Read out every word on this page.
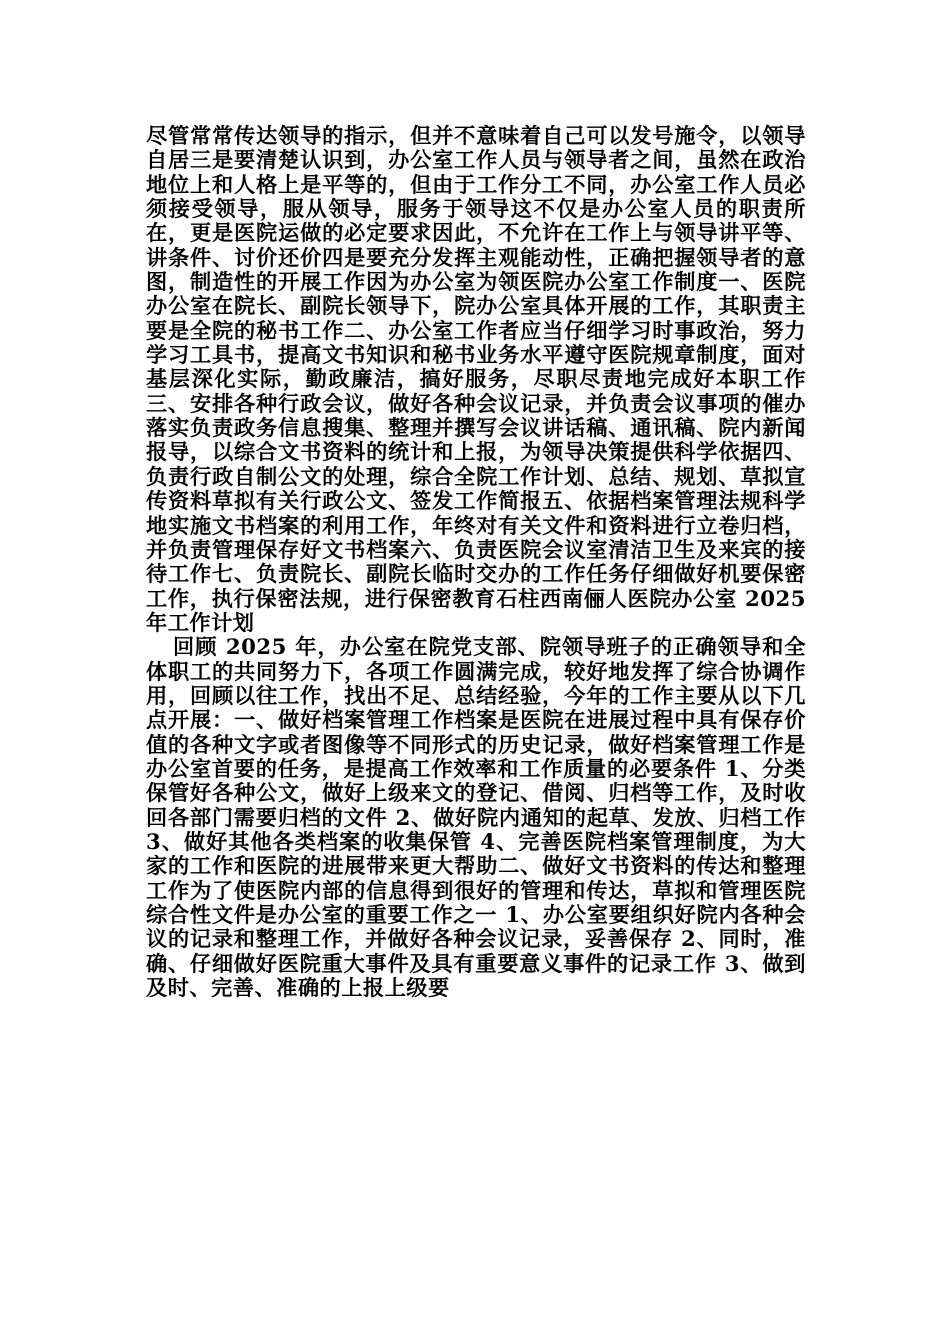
尽管常常传达领导的指示，但并不意味着自己可以发号施令，以领导自居三是要清楚认识到，办公室工作人员与领导者之间，虽然在政治地位上和人格上是平等的，但由于工作分工不同，办公室工作人员必须接受领导，服从领导，服务于领导这不仅是办公室人员的职责所在，更是医院运做的必定要求因此，不允许在工作上与领导讲平等、讲条件、讨价还价四是要充分发挥主观能动性，正确把握领导者的意图，制造性的开展工作因为办公室为领医院办公室工作制度一、医院办公室在院长、副院长领导下，院办公室具体开展的工作，其职责主要是全院的秘书工作二、办公室工作者应当仔细学习时事政治，努力学习工具书，提高文书知识和秘书业务水平遵守医院规章制度，面对基层深化实际，勤政廉洁，搞好服务，尽职尽责地完成好本职工作三、安排各种行政会议，做好各种会议记录，并负责会议事项的催办落实负责政务信息搜集、整理并撰写会议讲话稿、通讯稿、院内新闻报导，以综合文书资料的统计和上报，为领导决策提供科学依据四、负责行政自制公文的处理，综合全院工作计划、总结、规划、草拟宣传资料草拟有关行政公文、签发工作简报五、依据档案管理法规科学地实施文书档案的利用工作，年终对有关文件和资料进行立卷归档，并负责管理保存好文书档案六、负责医院会议室清洁卫生及来宾的接待工作七、负责院长、副院长临时交办的工作任务仔细做好机要保密工作，执行保密法规，进行保密教育石柱西南俪人医院办公室 2025 年工作计划

回顾 2025 年，办公室在院党支部、院领导班子的正确领导和全体职工的共同努力下，各项工作圆满完成，较好地发挥了综合协调作用，回顾以往工作，找出不足、总结经验，今年的工作主要从以下几点开展：一、做好档案管理工作档案是医院在进展过程中具有保存价值的各种文字或者图像等不同形式的历史记录，做好档案管理工作是办公室首要的任务，是提高工作效率和工作质量的必要条件 1、分类保管好各种公文，做好上级来文的登记、借阅、归档等工作，及时收回各部门需要归档的文件 2、做好院内通知的起草、发放、归档工作 3、做好其他各类档案的收集保管 4、完善医院档案管理制度，为大家的工作和医院的进展带来更大帮助二、做好文书资料的传达和整理工作为了使医院内部的信息得到很好的管理和传达，草拟和管理医院综合性文件是办公室的重要工作之一 1、办公室要组织好院内各种会议的记录和整理工作，并做好各种会议记录，妥善保存 2、同时，准确、仔细做好医院重大事件及具有重要意义事件的记录工作 3、做到及时、完善、准确的上报上级要
